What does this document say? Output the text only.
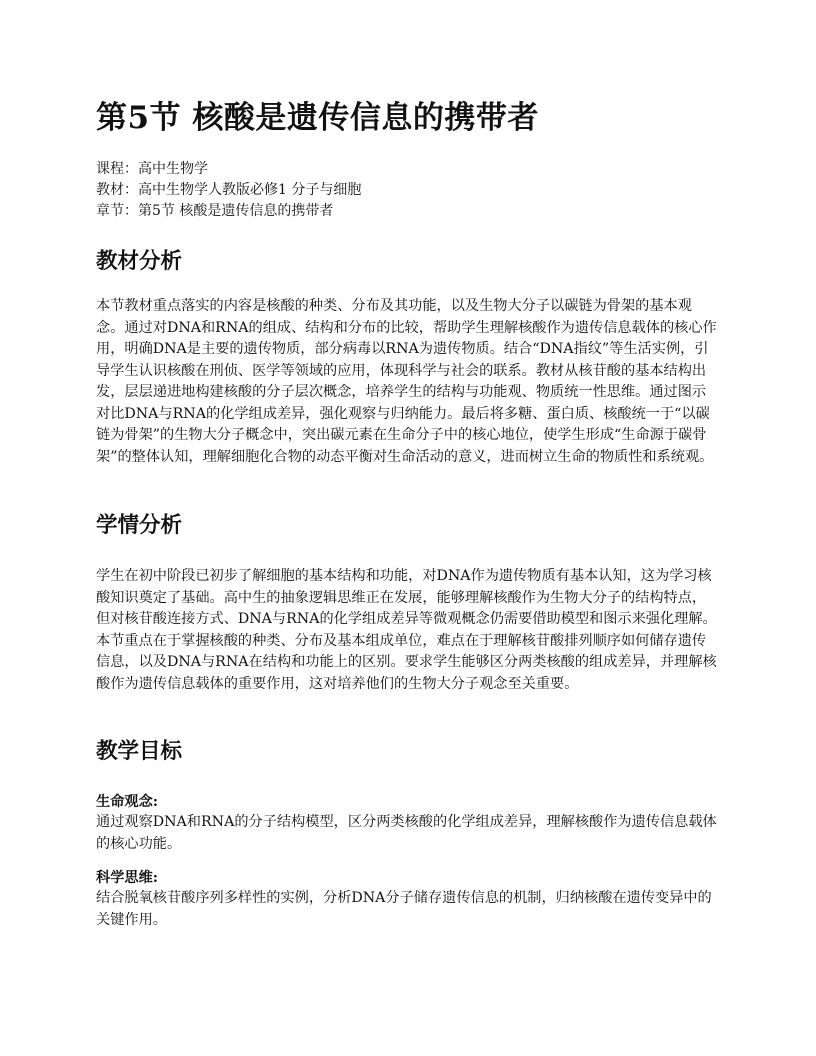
第5节 核酸是遗传信息的携带者
课程：高中生物学
教材：高中生物学人教版必修1 分子与细胞
章节：第5节 核酸是遗传信息的携带者
教材分析

本节教材重点落实的内容是核酸的种类、分布及其功能，以及生物大分子以碳链为骨架的基本观念。通过对DNA和RNA的组成、结构和分布的比较，帮助学生理解核酸作为遗传信息载体的核心作用，明确DNA是主要的遗传物质，部分病毒以RNA为遗传物质。结合“DNA指纹”等生活实例，引导学生认识核酸在刑侦、医学等领域的应用，体现科学与社会的联系。教材从核苷酸的基本结构出发，层层递进地构建核酸的分子层次概念，培养学生的结构与功能观、物质统一性思维。通过图示对比DNA与RNA的化学组成差异，强化观察与归纳能力。最后将多糖、蛋白质、核酸统一于“以碳链为骨架”的生物大分子概念中，突出碳元素在生命分子中的核心地位，使学生形成“生命源于碳骨架”的整体认知，理解细胞化合物的动态平衡对生命活动的意义，进而树立生命的物质性和系统观。

学情分析

学生在初中阶段已初步了解细胞的基本结构和功能，对DNA作为遗传物质有基本认知，这为学习核酸知识奠定了基础。高中生的抽象逻辑思维正在发展，能够理解核酸作为生物大分子的结构特点，但对核苷酸连接方式、DNA与RNA的化学组成差异等微观概念仍需要借助模型和图示来强化理解。本节重点在于掌握核酸的种类、分布及基本组成单位，难点在于理解核苷酸排列顺序如何储存遗传信息，以及DNA与RNA在结构和功能上的区别。要求学生能够区分两类核酸的组成差异，并理解核酸作为遗传信息载体的重要作用，这对培养他们的生物大分子观念至关重要。

教学目标
生命观念:

通过观察DNA和RNA的分子结构模型，区分两类核酸的化学组成差异，理解核酸作为遗传信息载体的核心功能。

科学思维:

结合脱氧核苷酸序列多样性的实例，分析DNA分子储存遗传信息的机制，归纳核酸在遗传变异中的关键作用。
